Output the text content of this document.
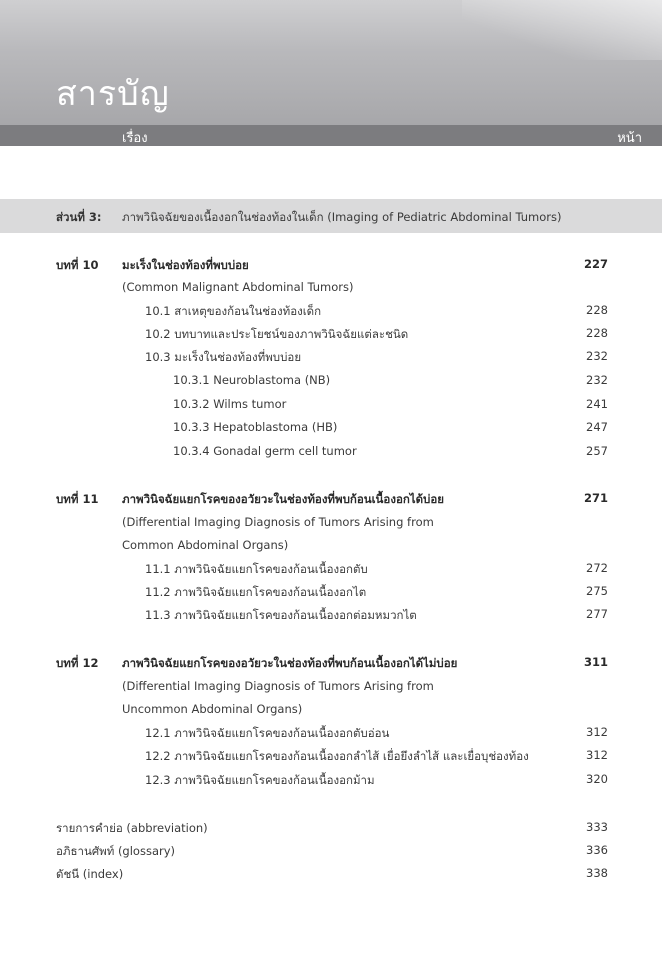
สารบัญ
เรื่อง	หน้า
ส่วนที่ 3: ภาพวินิจฉัยของเนื้องอกในช่องท้องในเด็ก (Imaging of Pediatric Abdominal Tumors)
บทที่ 10 มะเร็งในช่องท้องที่พบบ่อย	227
(Common Malignant Abdominal Tumors)
10.1 สาเหตุของก้อนในช่องท้องเด็ก	228
10.2 บทบาทและประโยชน์ของภาพวินิจฉัยแต่ละชนิด	228
10.3 มะเร็งในช่องท้องที่พบบ่อย	232
10.3.1 Neuroblastoma (NB)	232
10.3.2 Wilms tumor	241
10.3.3 Hepatoblastoma (HB)	247
10.3.4 Gonadal germ cell tumor	257
บทที่ 11 ภาพวินิจฉัยแยกโรคของอวัยวะในช่องท้องที่พบก้อนเนื้องอกได้บ่อย	271
(Differential Imaging Diagnosis of Tumors Arising from
Common Abdominal Organs)
11.1 ภาพวินิจฉัยแยกโรคของก้อนเนื้องอกตับ	272
11.2 ภาพวินิจฉัยแยกโรคของก้อนเนื้องอกไต	275
11.3 ภาพวินิจฉัยแยกโรคของก้อนเนื้องอกต่อมหมวกไต	277
บทที่ 12 ภาพวินิจฉัยแยกโรคของอวัยวะในช่องท้องที่พบก้อนเนื้องอกได้ไม่บ่อย	311
(Differential Imaging Diagnosis of Tumors Arising from
Uncommon Abdominal Organs)
12.1 ภาพวินิจฉัยแยกโรคของก้อนเนื้องอกตับอ่อน	312
12.2 ภาพวินิจฉัยแยกโรคของก้อนเนื้องอกลำไส้ เยื่อยึงลำไส้ และเยื่อบุช่องท้อง	312
12.3 ภาพวินิจฉัยแยกโรคของก้อนเนื้องอกม้าม	320
รายการคำย่อ (abbreviation)	333
อภิธานศัพท์ (glossary)	336
ดัชนี (index)	338
